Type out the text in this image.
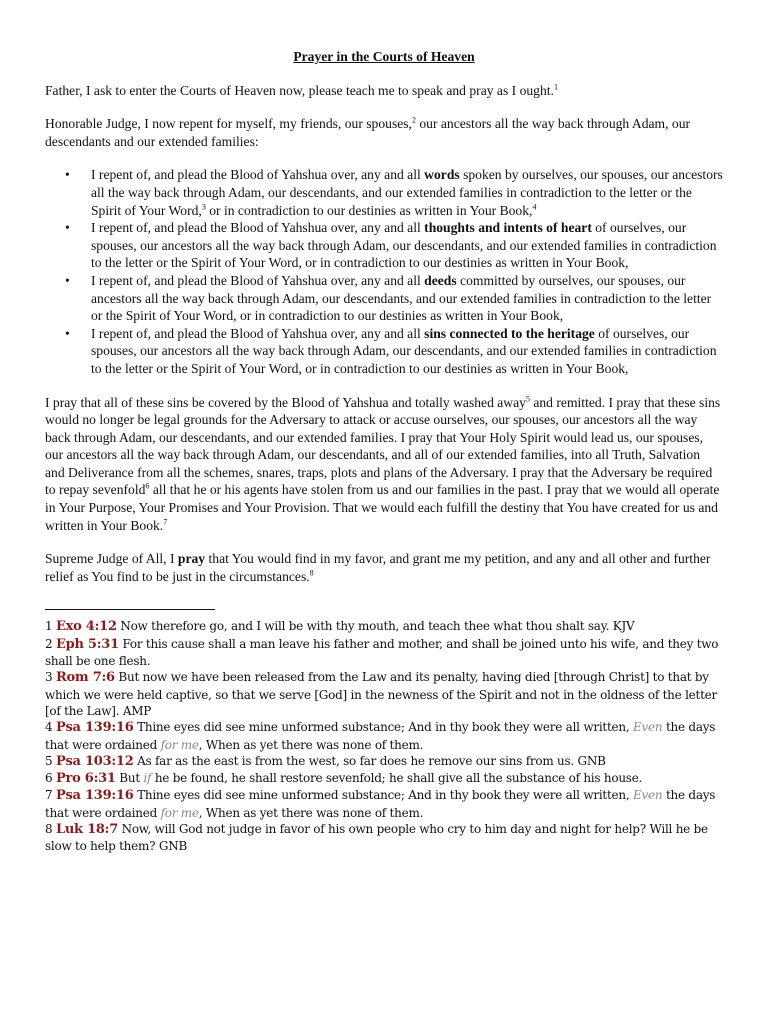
Prayer in the Courts of Heaven

Father, I ask to enter the Courts of Heaven now, please teach me to speak and pray as I ought.$^1$

Honorable Judge, I now repent for myself, my friends, our spouses,$^2$ our ancestors all the way back through Adam, our descendants and our extended families:

• I repent of, and plead the Blood of Yahshua over, any and all words spoken by ourselves, our spouses, our ancestors all the way back through Adam, our descendants, and our extended families in contradiction to the letter or the Spirit of Your Word,$^3$ or in contradiction to our destinies as written in Your Book,$^4$
• I repent of, and plead the Blood of Yahshua over, any and all thoughts and intents of heart of ourselves, our spouses, our ancestors all the way back through Adam, our descendants, and our extended families in contradiction to the letter or the Spirit of Your Word, or in contradiction to our destinies as written in Your Book,
• I repent of, and plead the Blood of Yahshua over, any and all deeds committed by ourselves, our spouses, our ancestors all the way back through Adam, our descendants, and our extended families in contradiction to the letter or the Spirit of Your Word, or in contradiction to our destinies as written in Your Book,
• I repent of, and plead the Blood of Yahshua over, any and all sins connected to the heritage of ourselves, our spouses, our ancestors all the way back through Adam, our descendants, and our extended families in contradiction to the letter or the Spirit of Your Word, or in contradiction to our destinies as written in Your Book,

I pray that all of these sins be covered by the Blood of Yahshua and totally washed away$^5$ and remitted. I pray that these sins would no longer be legal grounds for the Adversary to attack or accuse ourselves, our spouses, our ancestors all the way back through Adam, our descendants, and our extended families. I pray that Your Holy Spirit would lead us, our spouses, our ancestors all the way back through Adam, our descendants, and all of our extended families, into all Truth, Salvation and Deliverance from all the schemes, snares, traps, plots and plans of the Adversary. I pray that the Adversary be required to repay sevenfold$^6$ all that he or his agents have stolen from us and our families in the past. I pray that we would all operate in Your Purpose, Your Promises and Your Provision. That we would each fulfill the destiny that You have created for us and written in Your Book.$^7$

Supreme Judge of All, I pray that You would find in my favor, and grant me my petition, and any and all other and further relief as You find to be just in the circumstances.$^8$

1 Exo 4:12 Now therefore go, and I will be with thy mouth, and teach thee what thou shalt say. KJV
2 Eph 5:31 For this cause shall a man leave his father and mother, and shall be joined unto his wife, and they two shall be one flesh.
3 Rom 7:6 But now we have been released from the Law and its penalty, having died [through Christ] to that by which we were held captive, so that we serve [God] in the newness of the Spirit and not in the oldness of the letter [of the Law]. AMP
4 Psa 139:16 Thine eyes did see mine unformed substance; And in thy book they were all written, Even the days that were ordained for me, When as yet there was none of them.
5 Psa 103:12 As far as the east is from the west, so far does he remove our sins from us. GNB
6 Pro 6:31 But if he be found, he shall restore sevenfold; he shall give all the substance of his house.
7 Psa 139:16 Thine eyes did see mine unformed substance; And in thy book they were all written, Even the days that were ordained for me, When as yet there was none of them.
8 Luk 18:7 Now, will God not judge in favor of his own people who cry to him day and night for help? Will he be slow to help them? GNB
